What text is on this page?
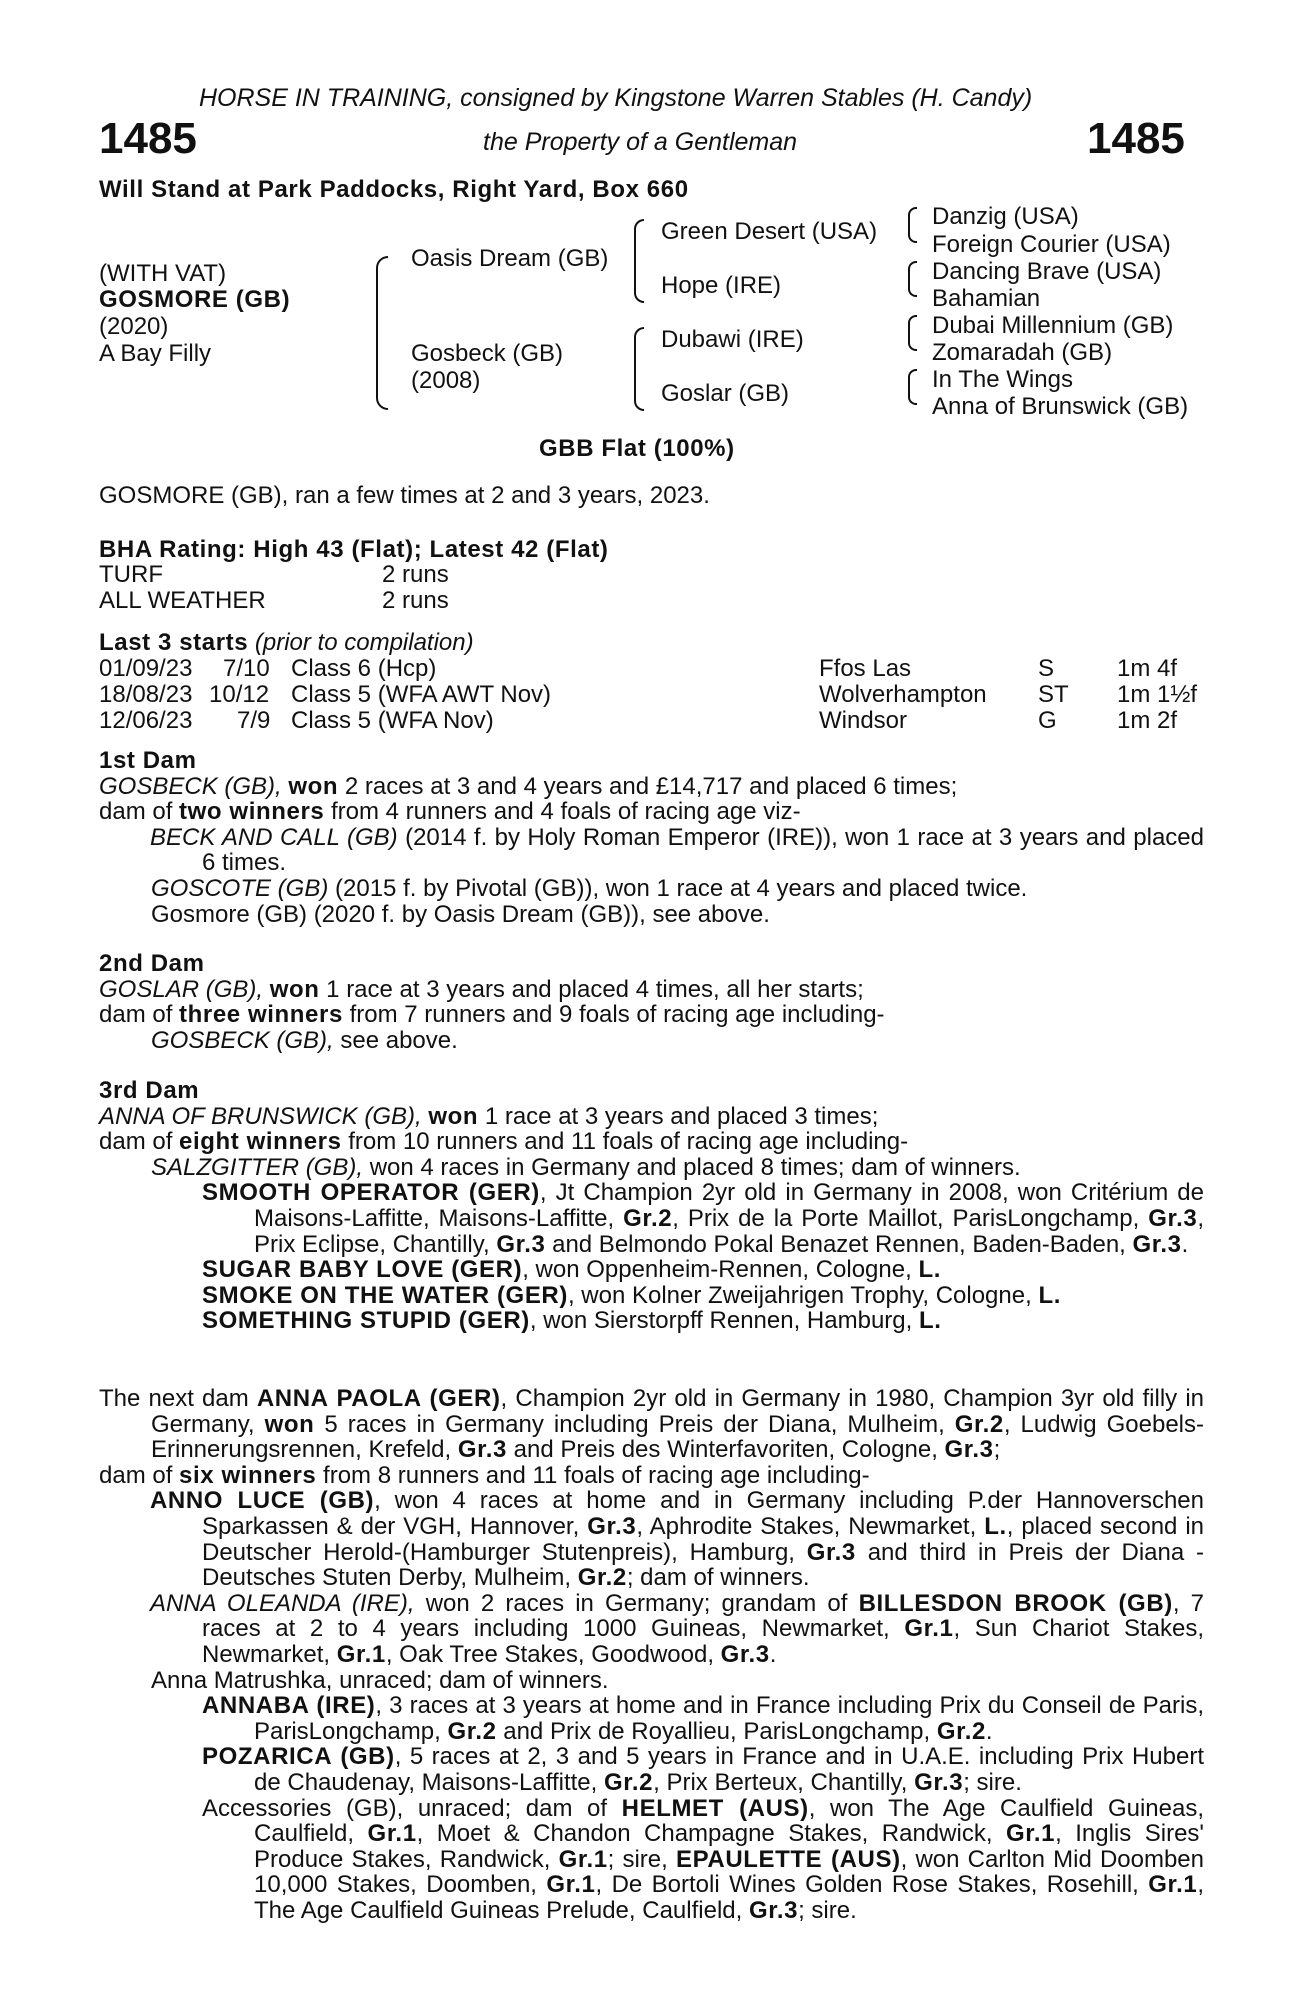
HORSE IN TRAINING, consigned by Kingstone Warren Stables (H. Candy)
1485	the Property of a Gentleman	1485
Will Stand at Park Paddocks, Right Yard, Box 660
(WITH VAT)
GOSMORE (GB)
(2020)
A Bay Filly
Oasis Dream (GB)
Gosbeck (GB)
(2008)
Green Desert (USA)
Hope (IRE)
Dubawi (IRE)
Goslar (GB)
Danzig (USA)
Foreign Courier (USA)
Dancing Brave (USA)
Bahamian
Dubai Millennium (GB)
Zomaradah (GB)
In The Wings
Anna of Brunswick (GB)
GBB Flat (100%)
GOSMORE (GB), ran a few times at 2 and 3 years, 2023.
BHA Rating: High 43 (Flat); Latest 42 (Flat)
TURF	2 runs
ALL WEATHER	2 runs
Last 3 starts (prior to compilation)
01/09/23 7/10 Class 6 (Hcp)	Ffos Las	S	1m 4f
18/08/23 10/12 Class 5 (WFA AWT Nov)	Wolverhampton ST 1m 1½f
12/06/23 7/9 Class 5 (WFA Nov)	Windsor	G	1m 2f
1st Dam
GOSBECK (GB), won 2 races at 3 and 4 years and £14,717 and placed 6 times;
dam of two winners from 4 runners and 4 foals of racing age viz-
BECK AND CALL (GB) (2014 f. by Holy Roman Emperor (IRE)), won 1 race at 3 years and placed 6 times.
GOSCOTE (GB) (2015 f. by Pivotal (GB)), won 1 race at 4 years and placed twice.
Gosmore (GB) (2020 f. by Oasis Dream (GB)), see above.
2nd Dam
GOSLAR (GB), won 1 race at 3 years and placed 4 times, all her starts;
dam of three winners from 7 runners and 9 foals of racing age including-
GOSBECK (GB), see above.
3rd Dam
ANNA OF BRUNSWICK (GB), won 1 race at 3 years and placed 3 times;
dam of eight winners from 10 runners and 11 foals of racing age including-
SALZGITTER (GB), won 4 races in Germany and placed 8 times; dam of winners.
SMOOTH OPERATOR (GER), Jt Champion 2yr old in Germany in 2008, won Critérium de Maisons-Laffitte, Maisons-Laffitte, Gr.2, Prix de la Porte Maillot, ParisLongchamp, Gr.3, Prix Eclipse, Chantilly, Gr.3 and Belmondo Pokal Benazet Rennen, Baden-Baden, Gr.3.
SUGAR BABY LOVE (GER), won Oppenheim-Rennen, Cologne, L.
SMOKE ON THE WATER (GER), won Kolner Zweijahrigen Trophy, Cologne, L.
SOMETHING STUPID (GER), won Sierstorpff Rennen, Hamburg, L.
The next dam ANNA PAOLA (GER), Champion 2yr old in Germany in 1980, Champion 3yr old filly in Germany, won 5 races in Germany including Preis der Diana, Mulheim, Gr.2, Ludwig Goebels-Erinnerungsrennen, Krefeld, Gr.3 and Preis des Winterfavoriten, Cologne, Gr.3;
dam of six winners from 8 runners and 11 foals of racing age including-
ANNO LUCE (GB), won 4 races at home and in Germany including P.der Hannoverschen Sparkassen & der VGH, Hannover, Gr.3, Aphrodite Stakes, Newmarket, L., placed second in Deutscher Herold-(Hamburger Stutenpreis), Hamburg, Gr.3 and third in Preis der Diana - Deutsches Stuten Derby, Mulheim, Gr.2; dam of winners.
ANNA OLEANDA (IRE), won 2 races in Germany; grandam of BILLESDON BROOK (GB), 7 races at 2 to 4 years including 1000 Guineas, Newmarket, Gr.1, Sun Chariot Stakes, Newmarket, Gr.1, Oak Tree Stakes, Goodwood, Gr.3.
Anna Matrushka, unraced; dam of winners.
ANNABA (IRE), 3 races at 3 years at home and in France including Prix du Conseil de Paris, ParisLongchamp, Gr.2 and Prix de Royallieu, ParisLongchamp, Gr.2.
POZARICA (GB), 5 races at 2, 3 and 5 years in France and in U.A.E. including Prix Hubert de Chaudenay, Maisons-Laffitte, Gr.2, Prix Berteux, Chantilly, Gr.3; sire.
Accessories (GB), unraced; dam of HELMET (AUS), won The Age Caulfield Guineas, Caulfield, Gr.1, Moet & Chandon Champagne Stakes, Randwick, Gr.1, Inglis Sires' Produce Stakes, Randwick, Gr.1; sire, EPAULETTE (AUS), won Carlton Mid Doomben 10,000 Stakes, Doomben, Gr.1, De Bortoli Wines Golden Rose Stakes, Rosehill, Gr.1, The Age Caulfield Guineas Prelude, Caulfield, Gr.3; sire.
